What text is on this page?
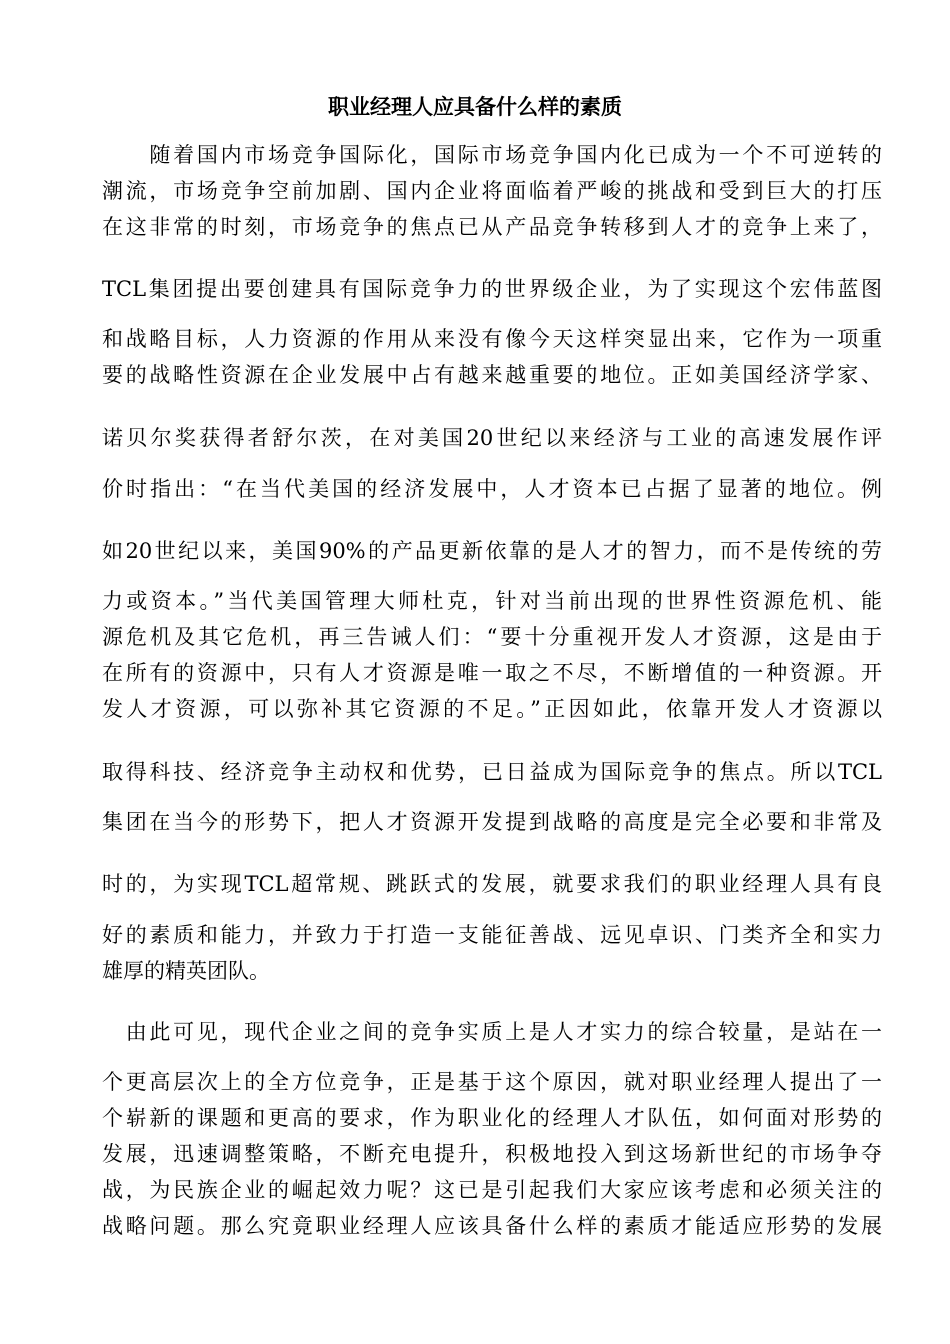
职业经理人应具备什么样的素质
　　随着国内市场竞争国际化，国际市场竞争国内化已成为一个不可逆转的
潮流，市场竞争空前加剧、国内企业将面临着严峻的挑战和受到巨大的打压
在这非常的时刻，市场竞争的焦点已从产品竞争转移到人才的竞争上来了，
TCL集团提出要创建具有国际竞争力的世界级企业，为了实现这个宏伟蓝图
和战略目标，人力资源的作用从来没有像今天这样突显出来，它作为一项重
要的战略性资源在企业发展中占有越来越重要的地位。正如美国经济学家、
诺贝尔奖获得者舒尔茨，在对美国20世纪以来经济与工业的高速发展作评
价时指出：“在当代美国的经济发展中，人才资本已占据了显著的地位。例
如20世纪以来，美国90%的产品更新依靠的是人才的智力，而不是传统的劳
力或资本。”当代美国管理大师杜克，针对当前出现的世界性资源危机、能
源危机及其它危机，再三告诫人们：“要十分重视开发人才资源，这是由于
在所有的资源中，只有人才资源是唯一取之不尽，不断增值的一种资源。开
发人才资源，可以弥补其它资源的不足。”正因如此，依靠开发人才资源以
取得科技、经济竞争主动权和优势，已日益成为国际竞争的焦点。所以TCL
集团在当今的形势下，把人才资源开发提到战略的高度是完全必要和非常及
时的，为实现TCL超常规、跳跃式的发展，就要求我们的职业经理人具有良
好的素质和能力，并致力于打造一支能征善战、远见卓识、门类齐全和实力
雄厚的精英团队。
　由此可见，现代企业之间的竞争实质上是人才实力的综合较量，是站在一
个更高层次上的全方位竞争，正是基于这个原因，就对职业经理人提出了一
个崭新的课题和更高的要求，作为职业化的经理人才队伍，如何面对形势的
发展，迅速调整策略，不断充电提升，积极地投入到这场新世纪的市场争夺
战，为民族企业的崛起效力呢？这已是引起我们大家应该考虑和必须关注的
战略问题。那么究竟职业经理人应该具备什么样的素质才能适应形势的发展
